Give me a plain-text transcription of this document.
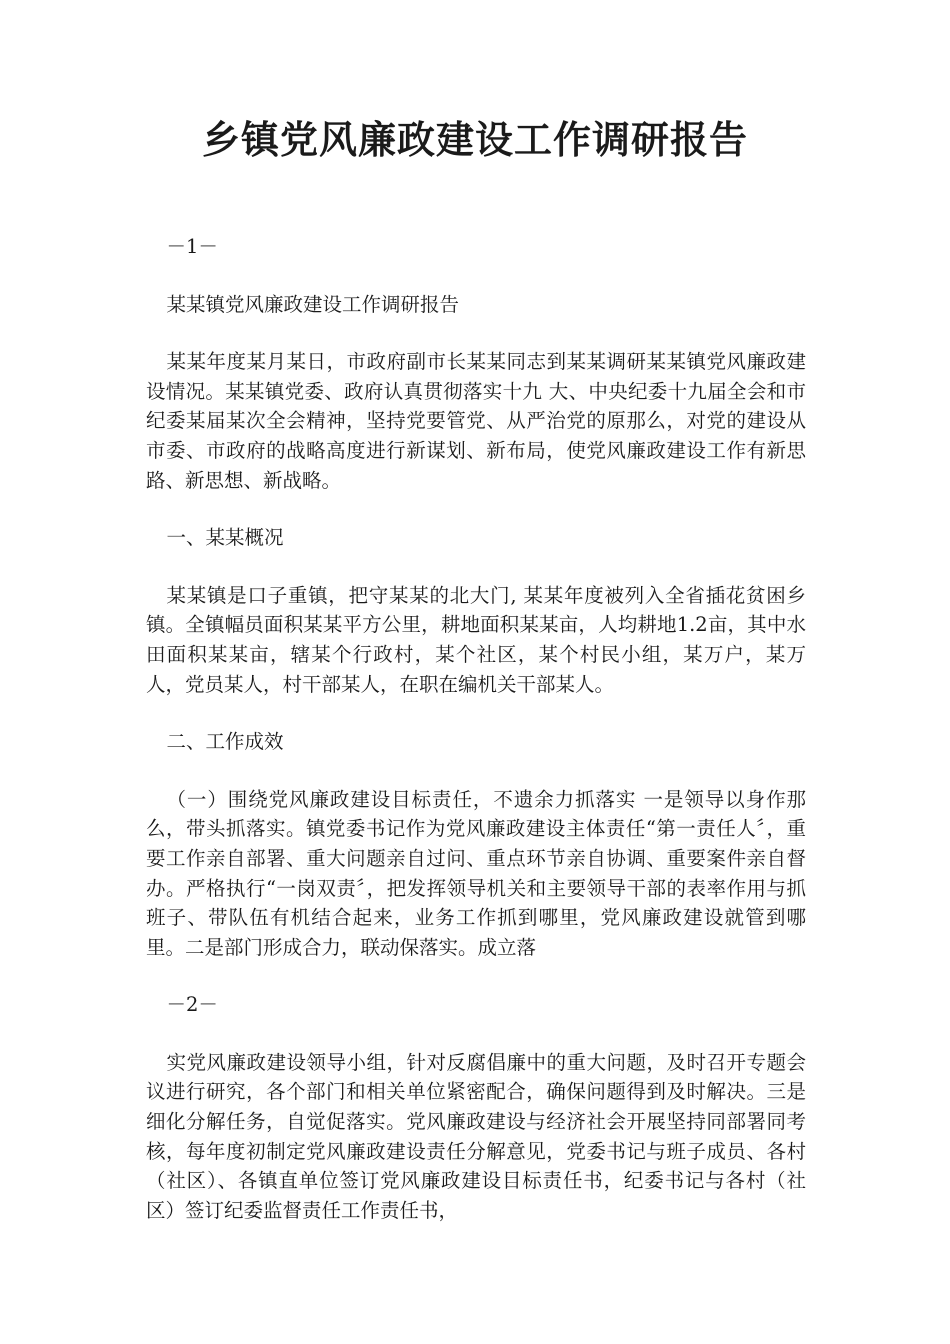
乡镇党风廉政建设工作调研报告

－1－

某某镇党风廉政建设工作调研报告

某某年度某月某日，市政府副市长某某同志到某某调研某某镇党风廉政建设情况。某某镇党委、政府认真贯彻落实十九 大、中央纪委十九届全会和市纪委某届某次全会精神，坚持党要管党、从严治党的原那么，对党的建设从市委、市政府的战略高度进行新谋划、新布局，使党风廉政建设工作有新思路、新思想、新战略。

一、某某概况

某某镇是口子重镇，把守某某的北大门, 某某年度被列入全省插花贫困乡镇。全镇幅员面积某某平方公里，耕地面积某某亩，人均耕地1.2亩，其中水田面积某某亩，辖某个行政村，某个社区，某个村民小组，某万户，某万人，党员某人，村干部某人，在职在编机关干部某人。

二、工作成效

（一）围绕党风廉政建设目标责任，不遗余力抓落实 一是领导以身作那么，带头抓落实。镇党委书记作为党风廉政建设主体责任“第一责任人〞，重要工作亲自部署、重大问题亲自过问、重点环节亲自协调、重要案件亲自督办。严格执行“一岗双责〞，把发挥领导机关和主要领导干部的表率作用与抓班子、带队伍有机结合起来，业务工作抓到哪里，党风廉政建设就管到哪里。二是部门形成合力，联动保落实。成立落

－2－

实党风廉政建设领导小组，针对反腐倡廉中的重大问题，及时召开专题会议进行研究，各个部门和相关单位紧密配合，确保问题得到及时解决。三是细化分解任务，自觉促落实。党风廉政建设与经济社会开展坚持同部署同考核，每年度初制定党风廉政建设责任分解意见，党委书记与班子成员、各村（社区）、各镇直单位签订党风廉政建设目标责任书，纪委书记与各村（社区）签订纪委监督责任工作责任书，
